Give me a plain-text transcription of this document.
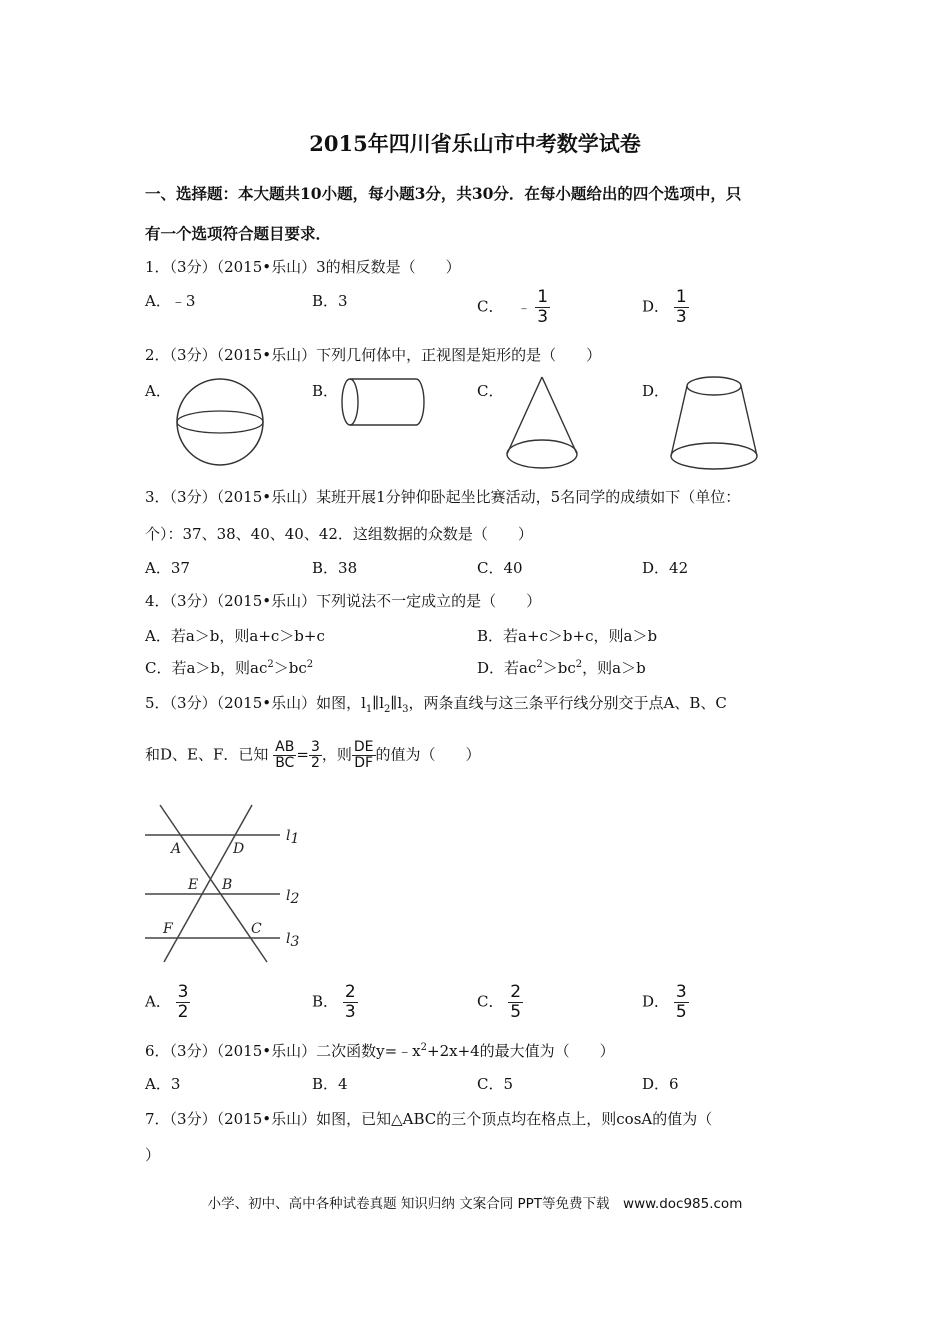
2015年四川省乐山市中考数学试卷
一、选择题：本大题共10小题，每小题3分，共30分．在每小题给出的四个选项中，只
有一个选项符合题目要求．
1．（3分）（2015•乐山）3的相反数是（　　）
A．﹣3	B．3	C． ﹣ $\frac{1}{3}$	D． $\frac{1}{3}$
2．（3分）（2015•乐山）下列几何体中，正视图是矩形的是（　　）
A．	B．	C．	D．
3．（3分）（2015•乐山）某班开展1分钟仰卧起坐比赛活动，5名同学的成绩如下（单位：
个）：37、38、40、40、42．这组数据的众数是（　　）
A．37	B．38	C．40	D．42
4．（3分）（2015•乐山）下列说法不一定成立的是（　　）
A．若a＞b，则a+c＞b+c	B．若a+c＞b+c，则a＞b
C．若a＞b，则$ac^2>bc^2$	D．若$ac^2>bc^2$，则a＞b
5．（3分）（2015•乐山）如图，$l_1\parallel l_2\parallel l_3$，两条直线与这三条平行线分别交于点A、B、C
和D、E、F．已知 $\frac{AB}{BC} = \frac{3}{2}$ ，则 $\frac{DE}{DF}$ 的值为（　　）
A	D
E B
F	C
l1
l2
l3
A． $\frac{3}{2}$	B． $\frac{2}{3}$	C． $\frac{2}{5}$	D． $\frac{3}{5}$
6．（3分）（2015•乐山）二次函数$y=﹣x^2+2x+4$的最大值为（　　）
A．3	B．4	C．5	D．6
7．（3分）（2015•乐山）如图，已知△ABC的三个顶点均在格点上，则cosA的值为（
）
小学、初中、高中各种试卷真题 知识归纳 文案合同 PPT等免费下载　www.doc985.com
